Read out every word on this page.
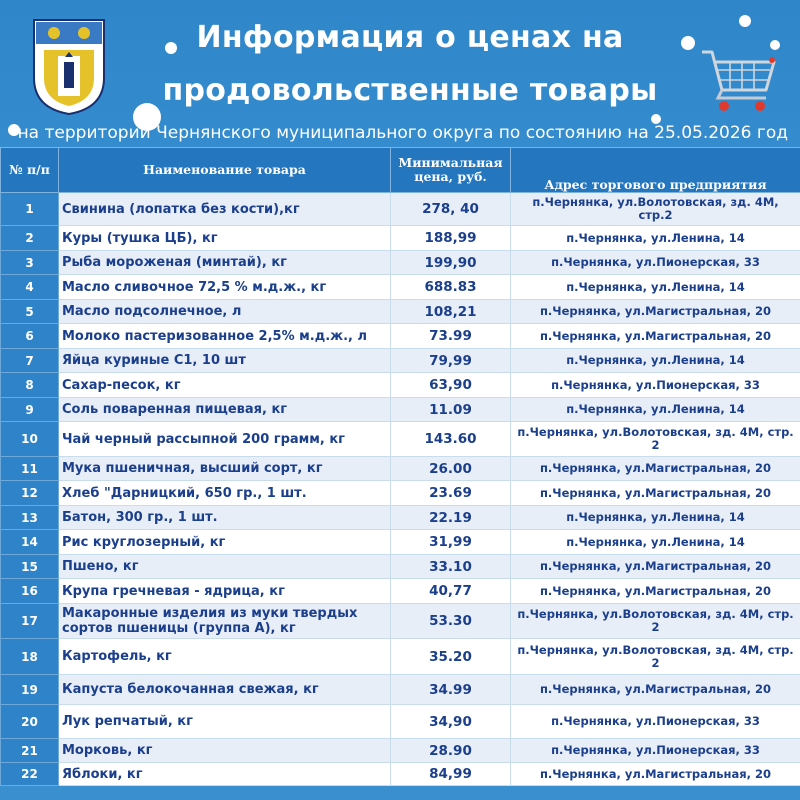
Информация о ценах на
продовольственные товары
на территории Чернянского муниципального округа по состоянию на 25.05.2026 год
№ п/п	Наименование товара	Минимальная цена, руб.	Адрес торгового предприятия
1	Свинина (лопатка без кости),кг	278, 40	п.Чернянка, ул.Волотовская, зд. 4М, стр.2
2	Куры (тушка ЦБ), кг	188,99	п.Чернянка, ул.Ленина, 14
3	Рыба мороженая (минтай), кг	199,90	п.Чернянка, ул.Пионерская, 33
4	Масло сливочное 72,5 % м.д.ж., кг	688.83	п.Чернянка, ул.Ленина, 14
5	Масло подсолнечное, л	108,21	п.Чернянка, ул.Магистральная, 20
6	Молоко пастеризованное 2,5% м.д.ж., л	73.99	п.Чернянка, ул.Магистральная, 20
7	Яйца куриные С1, 10 шт	79,99	п.Чернянка, ул.Ленина, 14
8	Сахар-песок, кг	63,90	п.Чернянка, ул.Пионерская, 33
9	Соль поваренная пищевая, кг	11.09	п.Чернянка, ул.Ленина, 14
10	Чай черный рассыпной 200 грамм, кг	143.60	п.Чернянка, ул.Волотовская, зд. 4М, стр. 2
11	Мука пшеничная, высший сорт, кг	26.00	п.Чернянка, ул.Магистральная, 20
12	Хлеб "Дарницкий, 650 гр., 1 шт.	23.69	п.Чернянка, ул.Магистральная, 20
13	Батон, 300 гр., 1 шт.	22.19	п.Чернянка, ул.Ленина, 14
14	Рис круглозерный, кг	31,99	п.Чернянка, ул.Ленина, 14
15	Пшено, кг	33.10	п.Чернянка, ул.Магистральная, 20
16	Крупа гречневая - ядрица, кг	40,77	п.Чернянка, ул.Магистральная, 20
17	Макаронные изделия из муки твердых сортов пшеницы (группа А), кг	53.30	п.Чернянка, ул.Волотовская, зд. 4М, стр. 2
18	Картофель, кг	35.20	п.Чернянка, ул.Волотовская, зд. 4М, стр. 2
19	Капуста белокочанная свежая, кг	34.99	п.Чернянка, ул.Магистральная, 20
20	Лук репчатый, кг	34,90	п.Чернянка, ул.Пионерская, 33
21	Морковь, кг	28.90	п.Чернянка, ул.Пионерская, 33
22	Яблоки, кг	84,99	п.Чернянка, ул.Магистральная, 20
